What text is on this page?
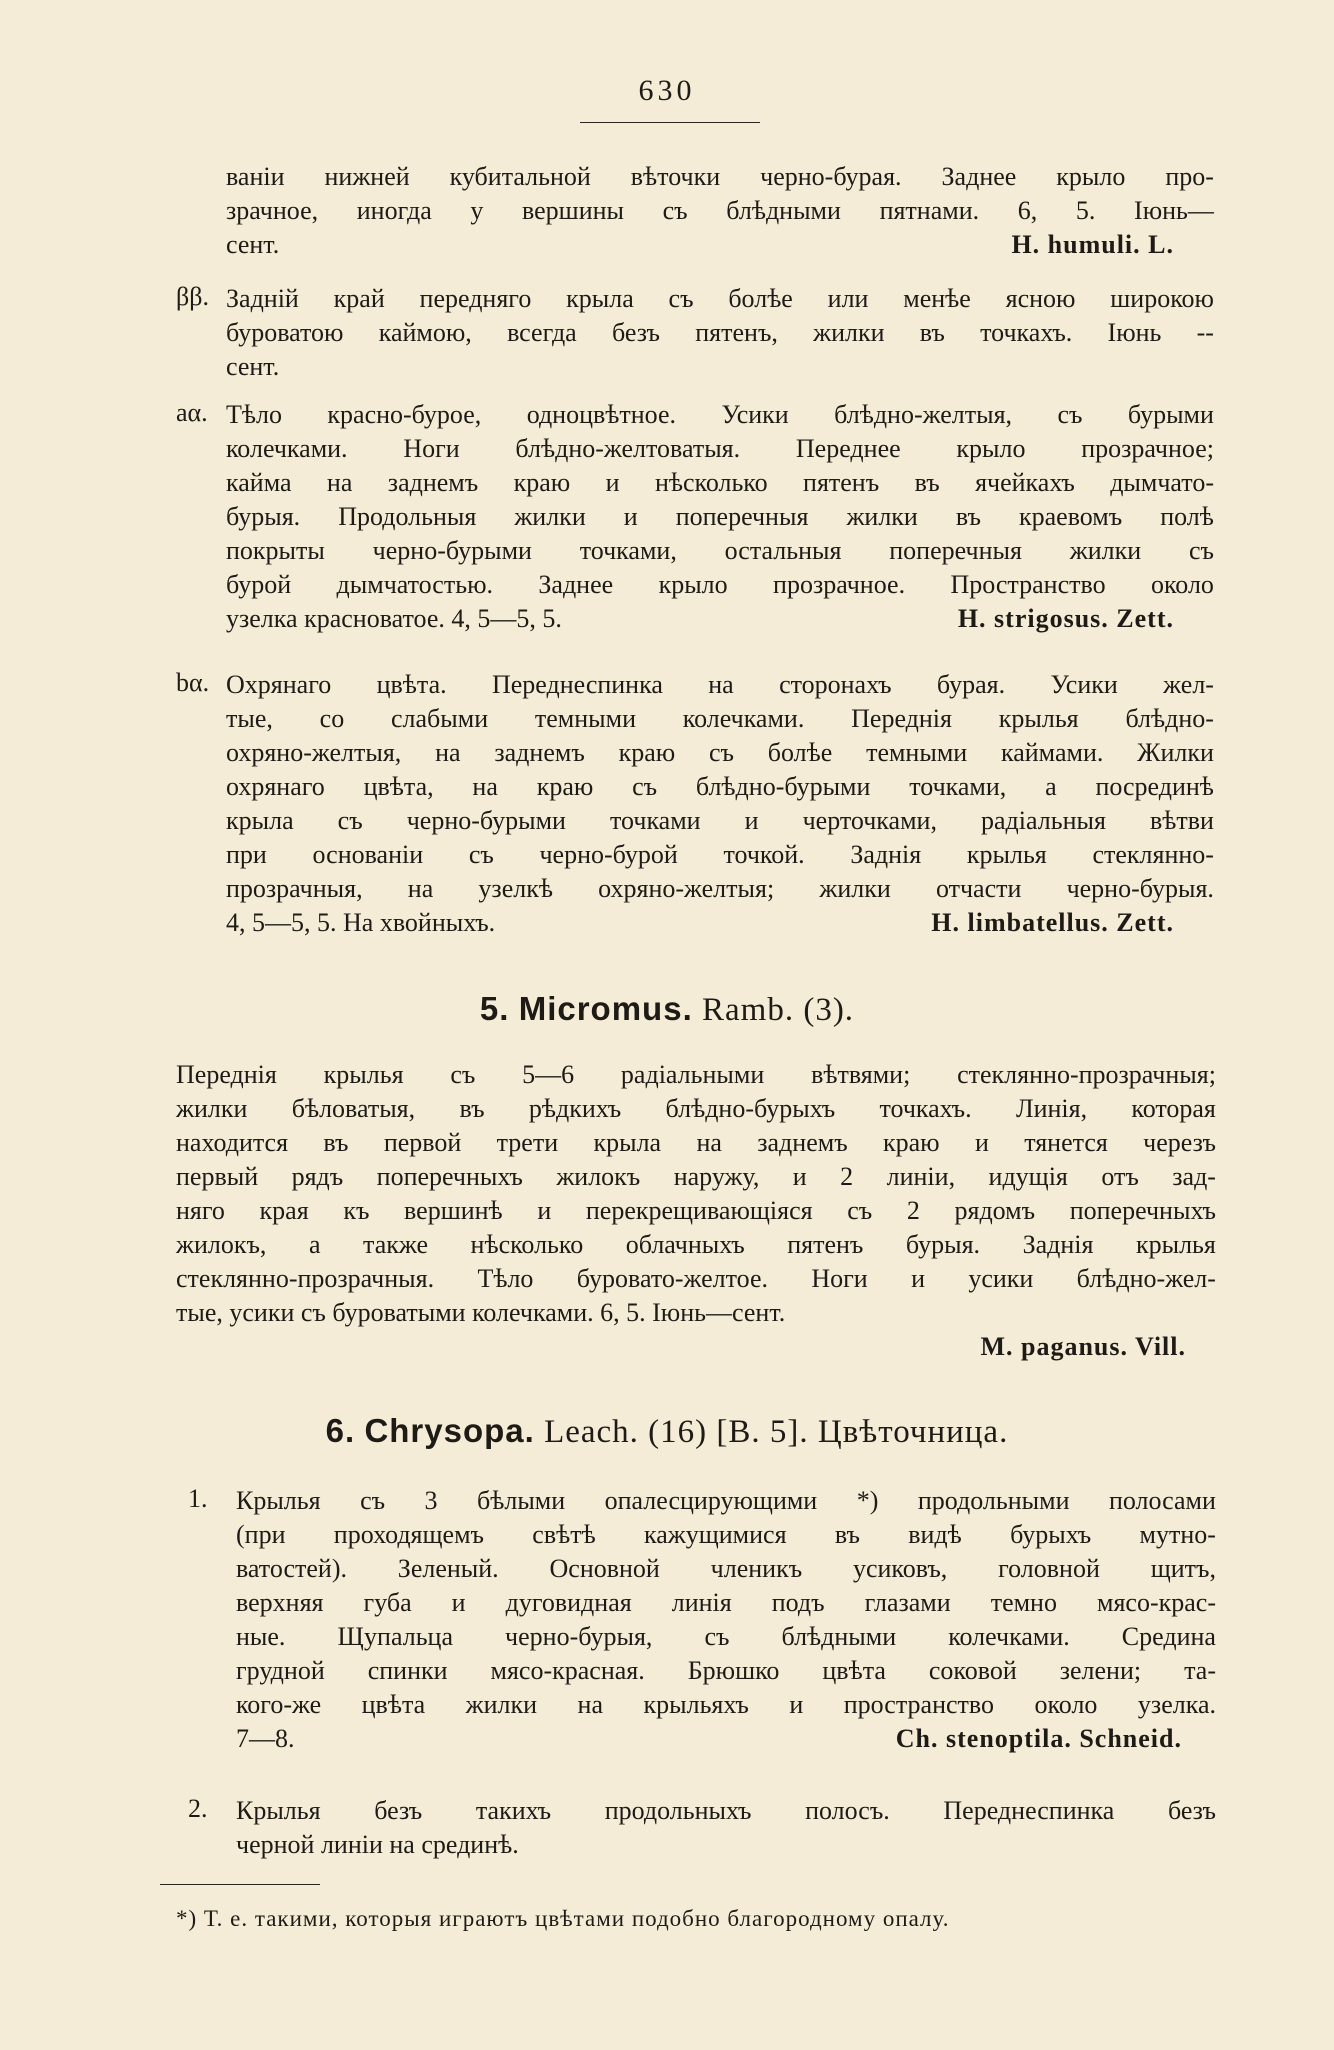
630
ваніи нижней кубитальной вѣточки черно-бурая. Заднее крыло про-
зрачное, иногда у вершины съ блѣдными пятнами. 6, 5. Іюнь—
сент.	H. humuli. L.
ββ. Задній край передняго крыла съ болѣе или менѣе ясною широкою
буроватою каймою, всегда безъ пятенъ, жилки въ точкахъ. Іюнь --
сент.
aα. Тѣло красно-бурое, одноцвѣтное. Усики блѣдно-желтыя, съ бурыми
колечками. Ноги блѣдно-желтоватыя. Переднее крыло прозрачное;
кайма на заднемъ краю и нѣсколько пятенъ въ ячейкахъ дымчато-
бурыя. Продольныя жилки и поперечныя жилки въ краевомъ полѣ
покрыты черно-бурыми точками, остальныя поперечныя жилки съ
бурой дымчатостью. Заднее крыло прозрачное. Пространство около
узелка красноватое. 4, 5—5, 5.	H. strigosus. Zett.
bα. Охрянаго цвѣта. Переднеспинка на сторонахъ бурая. Усики жел-
тые, со слабыми темными колечками. Переднія крылья блѣдно-
охряно-желтыя, на заднемъ краю съ болѣе темными каймами. Жилки
охрянаго цвѣта, на краю съ блѣдно-бурыми точками, а посрединѣ
крыла съ черно-бурыми точками и черточками, радіальныя вѣтви
при основаніи съ черно-бурой точкой. Заднія крылья стеклянно-
прозрачныя, на узелкѣ охряно-желтыя; жилки отчасти черно-бурыя.
4, 5—5, 5. На хвойныхъ.	H. limbatellus. Zett.
5. Micromus. Ramb. (3).
Переднія крылья съ 5—6 радіальными вѣтвями; стеклянно-прозрачныя;
жилки бѣловатыя, въ рѣдкихъ блѣдно-бурыхъ точкахъ. Линія, которая
находится въ первой трети крыла на заднемъ краю и тянется черезъ
первый рядъ поперечныхъ жилокъ наружу, и 2 линіи, идущія отъ зад-
няго края къ вершинѣ и перекрещивающіяся съ 2 рядомъ поперечныхъ
жилокъ, а также нѣсколько облачныхъ пятенъ бурыя. Заднія крылья
стеклянно-прозрачныя. Тѣло буровато-желтое. Ноги и усики блѣдно-жел-
тые, усики съ буроватыми колечками. 6, 5. Іюнь—сент.
M. paganus. Vill.
6. Chrysopa. Leach. (16) [B. 5]. Цвѣточница.
1. Крылья съ 3 бѣлыми опалесцирующими *) продольными полосами
(при проходящемъ свѣтѣ кажущимися въ видѣ бурыхъ мутно-
ватостей). Зеленый. Основной членикъ усиковъ, головной щитъ,
верхняя губа и дуговидная линія подъ глазами темно мясо-крас-
ные. Щупальца черно-бурыя, съ блѣдными колечками. Средина
грудной спинки мясо-красная. Брюшко цвѣта соковой зелени; та-
кого-же цвѣта жилки на крыльяхъ и пространство около узелка.
7—8.	Ch. stenoptila. Schneid.
2. Крылья безъ такихъ продольныхъ полосъ. Переднеспинка безъ
черной линіи на срединѣ.
*) Т. е. такими, которыя играютъ цвѣтами подобно благородному опалу.
